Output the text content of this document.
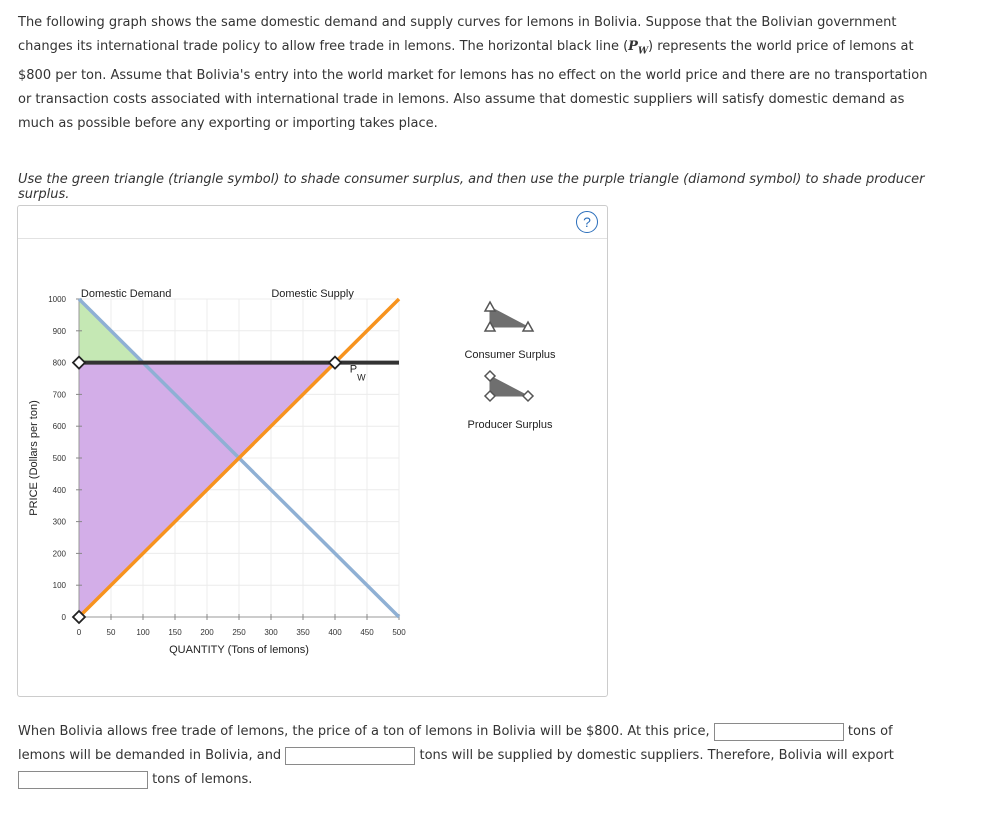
The following graph shows the same domestic demand and supply curves for lemons in Bolivia. Suppose that the Bolivian government changes its international trade policy to allow free trade in lemons. The horizontal black line $(P_W)$ represents the world price of lemons at $800 per ton. Assume that Bolivia's entry into the world market for lemons has no effect on the world price and there are no transportation or transaction costs associated with international trade in lemons. Also assume that domestic suppliers will satisfy domestic demand as much as possible before any exporting or importing takes place.

Use the green triangle (triangle symbol) to shade consumer surplus, and then use the purple triangle (diamond symbol) to shade producer surplus.

?
0
100
200
300
400
500
600
700
800
900
1000
0	50	100 150 200 250 300 350 400 450 500
QUANTITY (Tons of lemons)
PRICE (Dollars per ton)
Domestic Demand	Domestic Supply
$P_W$
Consumer Surplus
Producer Surplus
When Bolivia allows free trade of lemons, the price of a ton of lemons in Bolivia will be $800. At this price,	tons of lemons will be demanded in Bolivia, and	tons will be supplied by domestic suppliers. Therefore, Bolivia will export  tons of lemons.
